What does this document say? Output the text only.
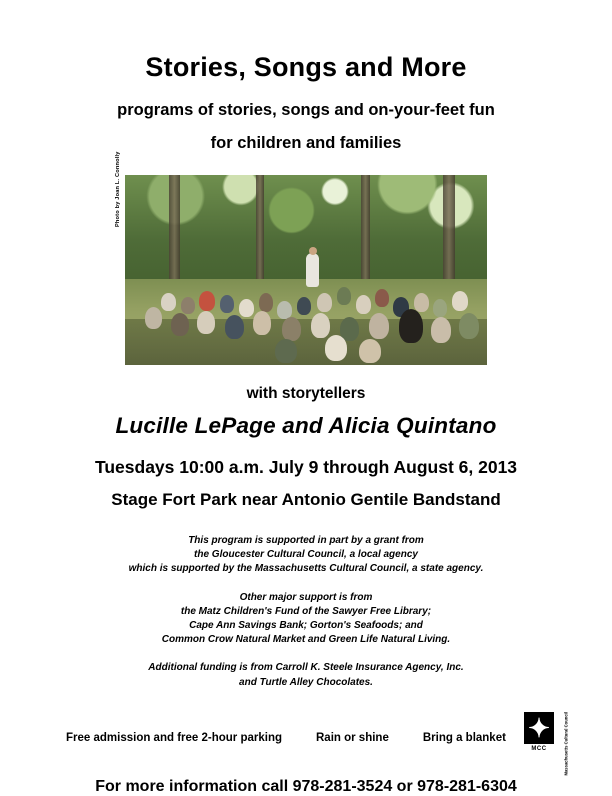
Stories, Songs and More

programs of stories, songs and on-your-feet fun

for children and families

Photo by Joan L. Connolly

with storytellers

Lucille LePage and Alicia Quintano

Tuesdays 10:00 a.m. July 9 through August 6, 2013

Stage Fort Park near Antonio Gentile Bandstand

This program is supported in part by a grant from
the Gloucester Cultural Council, a local agency
which is supported by the Massachusetts Cultural Council, a state agency.
Other major support is from
the Matz Children's Fund of the Sawyer Free Library;
Cape Ann Savings Bank; Gorton's Seafoods; and
Common Crow Natural Market and Green Life Natural Living.
Additional funding is from Carroll K. Steele Insurance Agency, Inc.
and Turtle Alley Chocolates.
Free admission and free 2-hour parking	Rain or shine	Bring a blanket ✦
MCC	Massachusetts Cultural Council

For more information call 978-281-3524 or 978-281-6304
